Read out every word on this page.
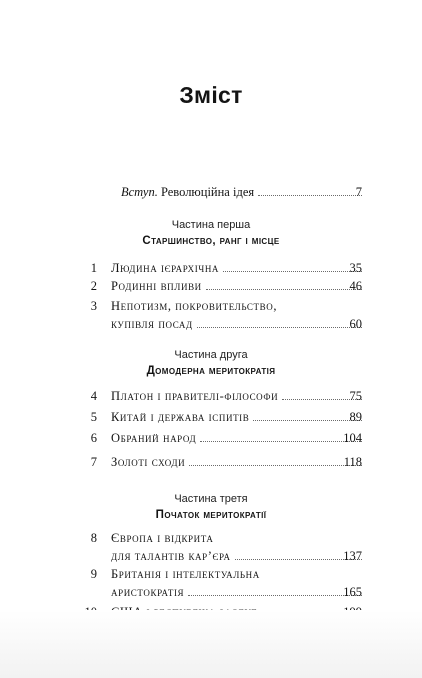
Зміст
Вступ. Революційна ідея	7
Частина перша
Старшинство, ранг і місце
1 Людина ієрархічна	35
2 Родинні впливи	46
3 Непотизм, покровительство,
купівля посад	60
Частина друга
Домодерна меритократія
4 Платон і правителі-філософи	75
5 Китай і держава іспитів	89
6 Обраний народ	104
7 Золоті сходи	118
Частина третя
Початок меритократії
8 Європа і відкрита
для талантів кар’єра	137
9 Британія і інтелектуальна
аристократія	165
